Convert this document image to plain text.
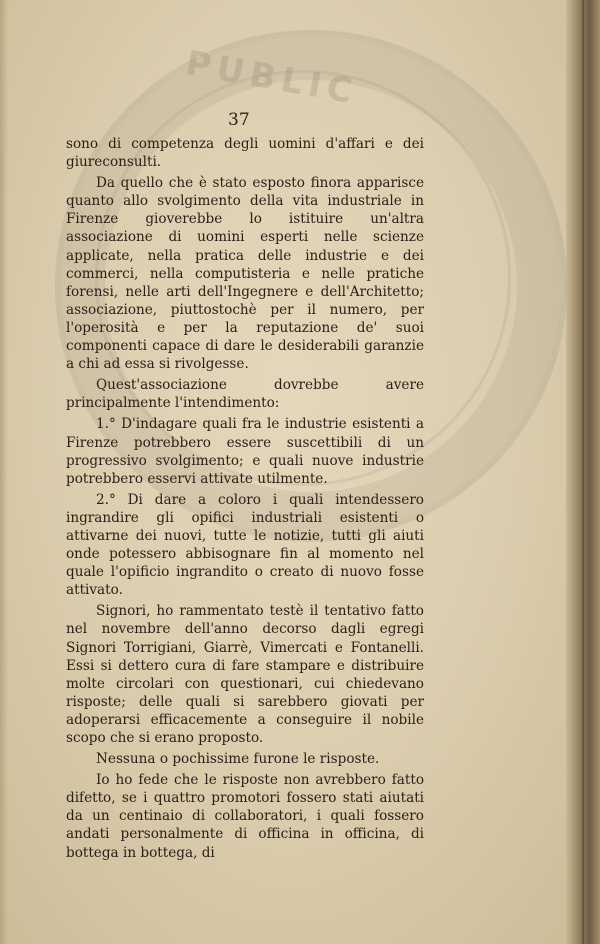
PUBLIC
37

sono di competenza degli uomini d'affari e dei giureconsulti.

Da quello che è stato esposto finora apparisce quanto allo svolgimento della vita industriale in Firenze gioverebbe lo istituire un'altra associazione di uomini esperti nelle scienze applicate, nella pratica delle industrie e dei commerci, nella computisteria e nelle pratiche forensi, nelle arti dell'Ingegnere e dell'Architetto; associazione, piuttostochè per il numero, per l'operosità e per la reputazione de' suoi componenti capace di dare le desiderabili garanzie a chi ad essa si rivolgesse.

Quest'associazione dovrebbe avere principalmente l'intendimento:

1.° D'indagare quali fra le industrie esistenti a Firenze potrebbero essere suscettibili di un progressivo svolgimento; e quali nuove industrie potrebbero esservi attivate utilmente.

2.° Di dare a coloro i quali intendessero ingrandire gli opifici industriali esistenti o attivarne dei nuovi, tutte le notizie, tutti gli aiuti onde potessero abbisognare fin al momento nel quale l'opificio ingrandito o creato di nuovo fosse attivato.

Signori, ho rammentato testè il tentativo fatto nel novembre dell'anno decorso dagli egregi Signori Torrigiani, Giarrè, Vimercati e Fontanelli. Essi si dettero cura di fare stampare e distribuire molte circolari con questionari, cui chiedevano risposte; delle quali si sarebbero giovati per adoperarsi efficacemente a conseguire il nobile scopo che si erano proposto.

Nessuna o pochissime furone le risposte.

Io ho fede che le risposte non avrebbero fatto difetto, se i quattro promotori fossero stati aiutati da un centinaio di collaboratori, i quali fossero andati personalmente di officina in officina, di bottega in bottega, di
